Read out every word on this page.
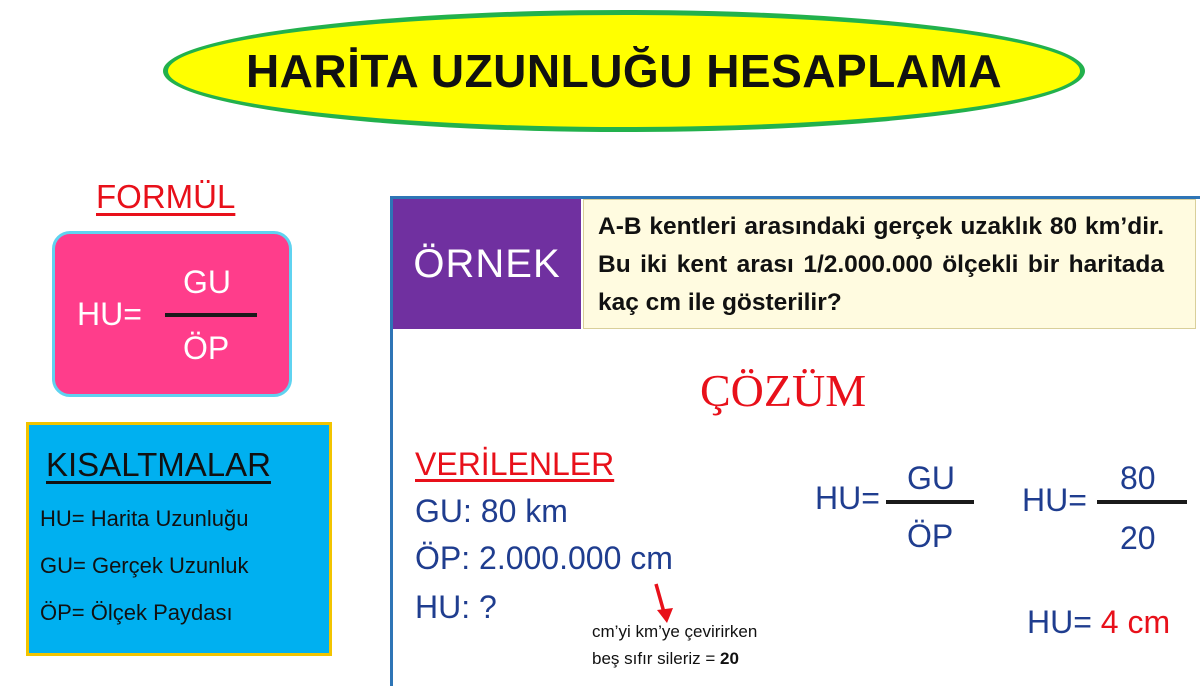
HARİTA UZUNLUĞU HESAPLAMA
FORMÜL
HU=
GU
ÖP
KISALTMALAR
HU= Harita Uzunluğu
GU= Gerçek Uzunluk
ÖP= Ölçek Paydası
ÖRNEK
A-B kentleri arasındaki gerçek uzaklık 80 km’dir. Bu iki kent arası 1/2.000.000 ölçekli bir haritada kaç cm ile gösterilir?
ÇÖZÜM
VERİLENLER
GU: 80 km
ÖP: 2.000.000 cm
HU: ?
cm’yi km’ye çevirirken
beş sıfır sileriz = 20
HU=
GU
ÖP
HU=
80
20
HU= 4 cm
